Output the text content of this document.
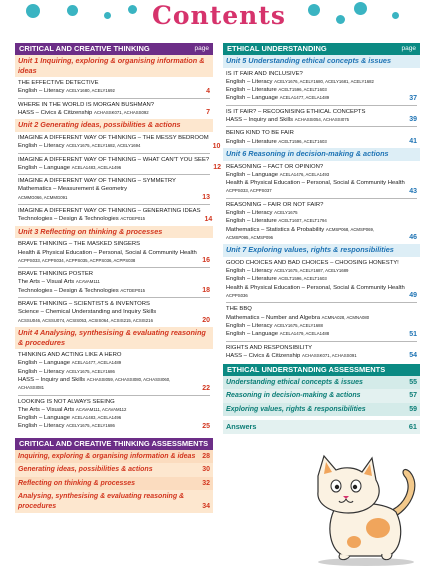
Contents
CRITICAL AND CREATIVE THINKING	page
Unit 1 Inquiring, exploring & organising information & ideas
THE EFFECTIVE DETECTIVE
English – Literacy ACELY1680, ACELY1692	4
WHERE IN THE WORLD IS MORGAN BUSHMAN?
HASS – Civics & Citizenship ACHASSK071, ACHASS092	7
Unit 2 Generating ideas, possibilities & actions
IMAGINE A DIFFERENT WAY OF THINKING – THE MESSY BEDROOM
English – Literacy ACELY1675, ACELY1682, ACELY1694	10
IMAGINE A DIFFERENT WAY OF THINKING – WHAT CAN'T YOU SEE?
English – Language ACELA1483, ACELA1496	12
IMAGINE A DIFFERENT WAY OF THINKING – SYMMETRY
Mathematics – Measurement & Geometry
ACMMG066, ACMMG091	13
IMAGINE A DIFFERENT WAY OF THINKING – GENERATING IDEAS
Technologies – Design & Technologies ACTDEP015	14
Unit 3 Reflecting on thinking & processes
BRAVE THINKING – THE MASKED SINGERS
Health & Physical Education – Personal, Social & Community Health
ACPPS033, ACPPS034, ACPPS035, ACPPS036, ACPPS038	16
BRAVE THINKING POSTER
The Arts – Visual Arts ACAVAM111
Technologies – Design & Technologies ACTDEP015	18
BRAVE THINKING – SCIENTISTS & INVENTORS
Science – Chemical Understanding and Inquiry Skills
ACSSU046, ACSSU074, ACSIS053, ACSIS064, ACSIS215, ACSIS216	20
Unit 4 Analysing, synthesising & evaluating reasoning & procedures
THINKING AND ACTING LIKE A HERO
English – Language ACELA1477, ACELA1489
English – Literacy ACELY1675, ACELY1686
HASS – Inquiry and Skills ACHASSI059, ACHASSI080, ACHASSI060,
ACHASSI081	22
LOOKING IS NOT ALWAYS SEEING
The Arts – Visual Arts ACAVAM111, ACAVAM112
English – Language ACELA1483, ACELA1496
English – Literacy ACELY1675, ACELY1686	25
ETHICAL UNDERSTANDING	page
Unit 5 Understanding ethical concepts & issues
IS IT FAIR AND INCLUSIVE?
English – Literacy ACELY1676, ACELY1680, ACELY1681, ACELY1682
English – Literature ACELT1596, ACELT1603
English – Language ACELA1477, ACELA1489	37
IS IT FAIR? – RECOGNISING ETHICAL CONCEPTS
HASS – Inquiry and Skills ACHASSI054, ACHASSI075	39
BEING KIND TO BE FAIR
English – Literature ACELT1596, ACELT1603	41
Unit 6 Reasoning in decision-making & actions
REASONING – FACT OR OPINION?
English – Language ACELA1476, ACELA1493
Health & Physical Education – Personal, Social & Community Health
ACPPS033, ACPPS037	43
REASONING – FAIR OR NOT FAIR?
English – Literacy ACELY1675
English – Literature ACELT1607, ACELT1794
Mathematics – Statistics & Probability ACMSP068, ACMSP069,
ACMSP095, ACMSP096	46
Unit 7 Exploring values, rights & responsibilities
GOOD CHOICES AND BAD CHOICES – CHOOSING HONESTY!
English – Literacy ACELY1675, ACELY1687, ACELY1689
English – Literature ACELT1596, ACELT1603
Health & Physical Education – Personal, Social & Community Health
ACPPS036	49
THE BBQ
Mathematics – Number and Algebra ACMNA028, ACMNA080
English – Literacy ACELY1675, ACELY1688
English – Language ACELA1479, ACELA1488	51
RIGHTS AND RESPONSIBILITY
HASS – Civics & Citizenship ACHASSK071, ACHASS091	54
CRITICAL AND CREATIVE THINKING ASSESSMENTS
Inquiring, exploring & organising information & ideas 28
Generating ideas, possibilities & actions	30
Reflecting on thinking & processes	32
Analysing, synthesising & evaluating reasoning & procedures	34
ETHICAL UNDERSTANDING ASSESSMENTS
Understanding ethical concepts & issues	55
Reasoning in decision-making & actions	57
Exploring values, rights & responsibilities	59
Answers	61
